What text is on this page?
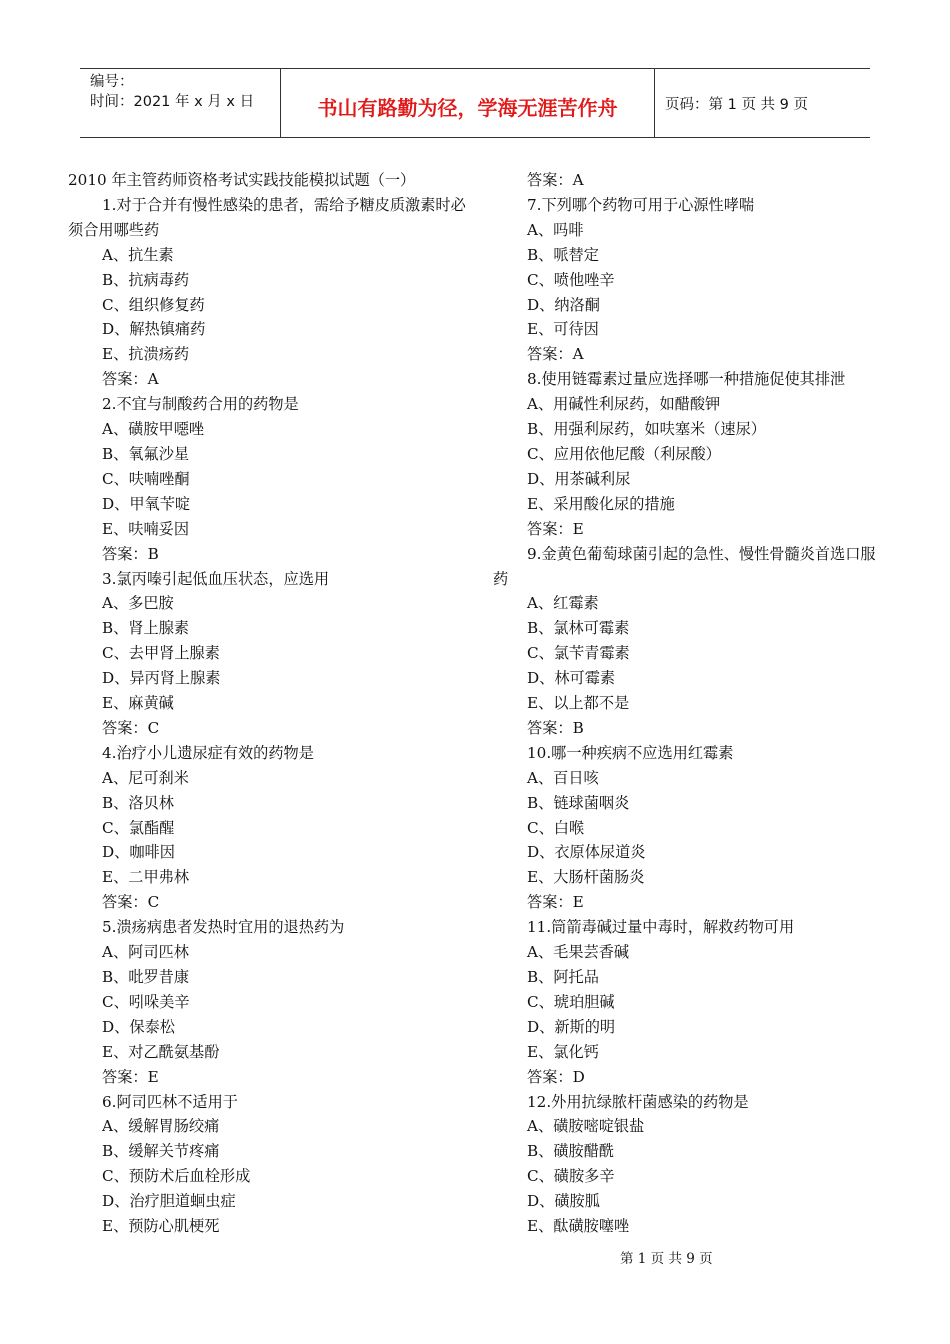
编号：
时间：2021 年 x 月 x 日	书山有路勤为径，学海无涯苦作舟	页码：第 1 页 共 9 页
2010 年主管药师资格考试实践技能模拟试题（一）
1.对于合并有慢性感染的患者，需给予糖皮质激素时必须合用哪些药
A、抗生素
B、抗病毒药
C、组织修复药
D、解热镇痛药
E、抗溃疡药
答案：A
2.不宜与制酸药合用的药物是
A、磺胺甲噁唑
B、氧氟沙星
C、呋喃唑酮
D、甲氧苄啶
E、呋喃妥因
答案：B
3.氯丙嗪引起低血压状态，应选用
A、多巴胺
B、肾上腺素
C、去甲肾上腺素
D、异丙肾上腺素
E、麻黄碱
答案：C
4.治疗小儿遗尿症有效的药物是
A、尼可刹米
B、洛贝林
C、氯酯醒
D、咖啡因
E、二甲弗林
答案：C
5.溃疡病患者发热时宜用的退热药为
A、阿司匹林
B、吡罗昔康
C、吲哚美辛
D、保泰松
E、对乙酰氨基酚
答案：E
6.阿司匹林不适用于
A、缓解胃肠绞痛
B、缓解关节疼痛
C、预防术后血栓形成
D、治疗胆道蛔虫症
E、预防心肌梗死
答案：A
7.下列哪个药物可用于心源性哮喘
A、吗啡
B、哌替定
C、喷他唑辛
D、纳洛酮
E、可待因
答案：A
8.使用链霉素过量应选择哪一种措施促使其排泄
A、用碱性利尿药，如醋酸钾
B、用强利尿药，如呋塞米（速尿）
C、应用依他尼酸（利尿酸）
D、用茶碱利尿
E、采用酸化尿的措施
答案：E
9.金黄色葡萄球菌引起的急性、慢性骨髓炎首选口服药
A、红霉素
B、氯林可霉素
C、氯苄青霉素
D、林可霉素
E、以上都不是
答案：B
10.哪一种疾病不应选用红霉素
A、百日咳
B、链球菌咽炎
C、白喉
D、衣原体尿道炎
E、大肠杆菌肠炎
答案：E
11.筒箭毒碱过量中毒时，解救药物可用
A、毛果芸香碱
B、阿托品
C、琥珀胆碱
D、新斯的明
E、氯化钙
答案：D
12.外用抗绿脓杆菌感染的药物是
A、磺胺嘧啶银盐
B、磺胺醋酰
C、磺胺多辛
D、磺胺胍
E、酞磺胺噻唑
第 1 页 共 9 页
